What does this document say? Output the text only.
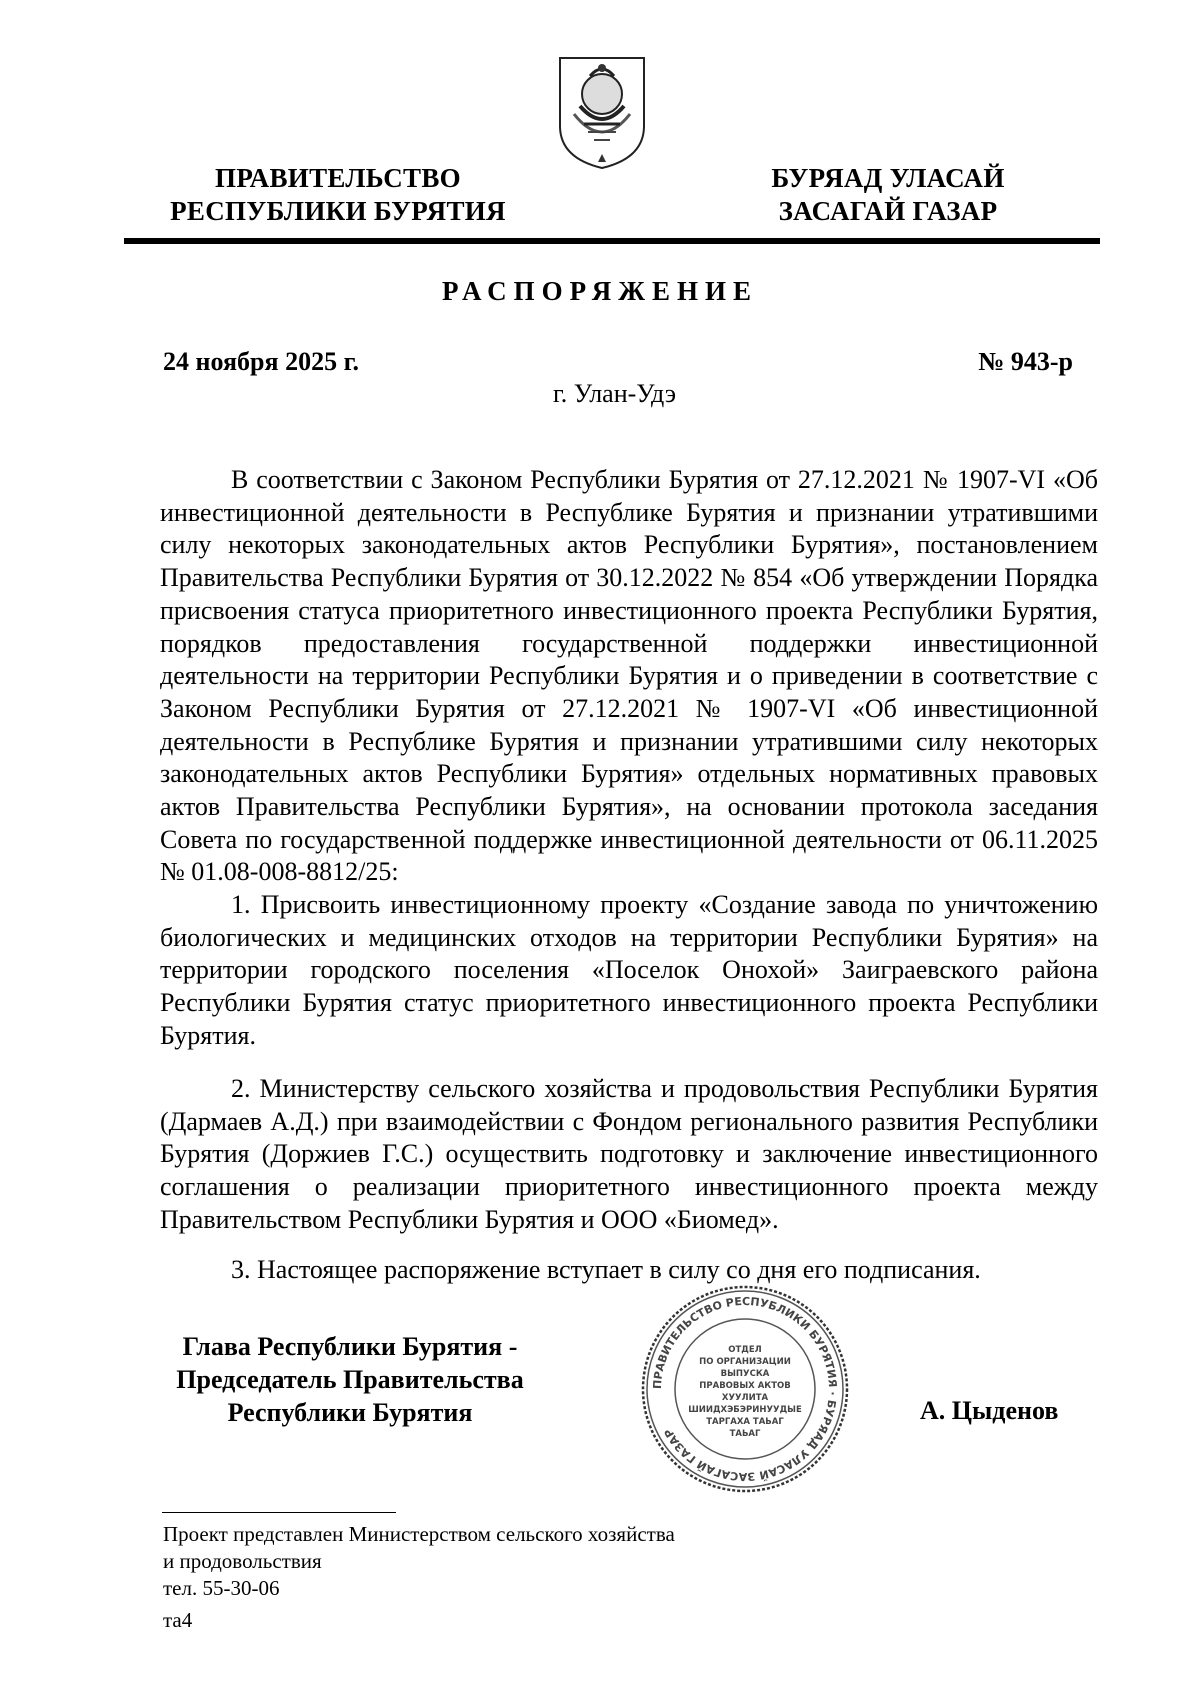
ПРАВИТЕЛЬСТВО
РЕСПУБЛИКИ БУРЯТИЯ
БУРЯАД УЛАСАЙ
ЗАСАГАЙ ГАЗАР
РАСПОРЯЖЕНИЕ
24 ноября 2025 г.	№ 943-р
г. Улан-Удэ
В соответствии с Законом Республики Бурятия от 27.12.2021 № 1907-VI «Об инвестиционной деятельности в Республике Бурятия и признании утратившими силу некоторых законодательных актов Республики Бурятия», постановлением Правительства Республики Бурятия от 30.12.2022 № 854 «Об утверждении Порядка присвоения статуса приоритетного инвестиционного проекта Республики Бурятия, порядков предоставления государственной поддержки инвестиционной деятельности на территории Республики Бурятия и о приведении в соответствие с Законом Республики Бурятия от 27.12.2021 № 1907-VI «Об инвестиционной деятельности в Республике Бурятия и признании утратившими силу некоторых законодательных актов Республики Бурятия» отдельных нормативных правовых актов Правительства Республики Бурятия», на основании протокола заседания Совета по государственной поддержке инвестиционной деятельности от 06.11.2025 № 01.08-008-8812/25:
1. Присвоить инвестиционному проекту «Создание завода по уничтожению биологических и медицинских отходов на территории Республики Бурятия» на территории городского поселения «Поселок Онохой» Заиграевского района Республики Бурятия статус приоритетного инвестиционного проекта Республики Бурятия.
2. Министерству сельского хозяйства и продовольствия Республики Бурятия (Дармаев А.Д.) при взаимодействии с Фондом регионального развития Республики Бурятия (Доржиев Г.С.) осуществить подготовку и заключение инвестиционного соглашения о реализации приоритетного инвестиционного проекта между Правительством Республики Бурятия и ООО «Биомед».
3. Настоящее распоряжение вступает в силу со дня его подписания.
Глава Республики Бурятия -
Председатель Правительства
Республики Бурятия	А. Цыденов
ПРАВИТЕЛЬСТВО РЕСПУБЛИКИ БУРЯТИЯ · БУРЯАД УЛАСАЙ ЗАСАГАЙ ГАЗАР
ОТДЕЛ
ПО ОРГАНИЗАЦИИ
ВЫПУСКА
ПРАВОВЫХ АКТОВ
ХУУЛИТА
ШИИДХЭБЭРИНУУДЫЕ
ТАРГАХА ТАЬАГ
ТАЬАГ
Проект представлен Министерством сельского хозяйства
и продовольствия
тел. 55-30-06
та4
